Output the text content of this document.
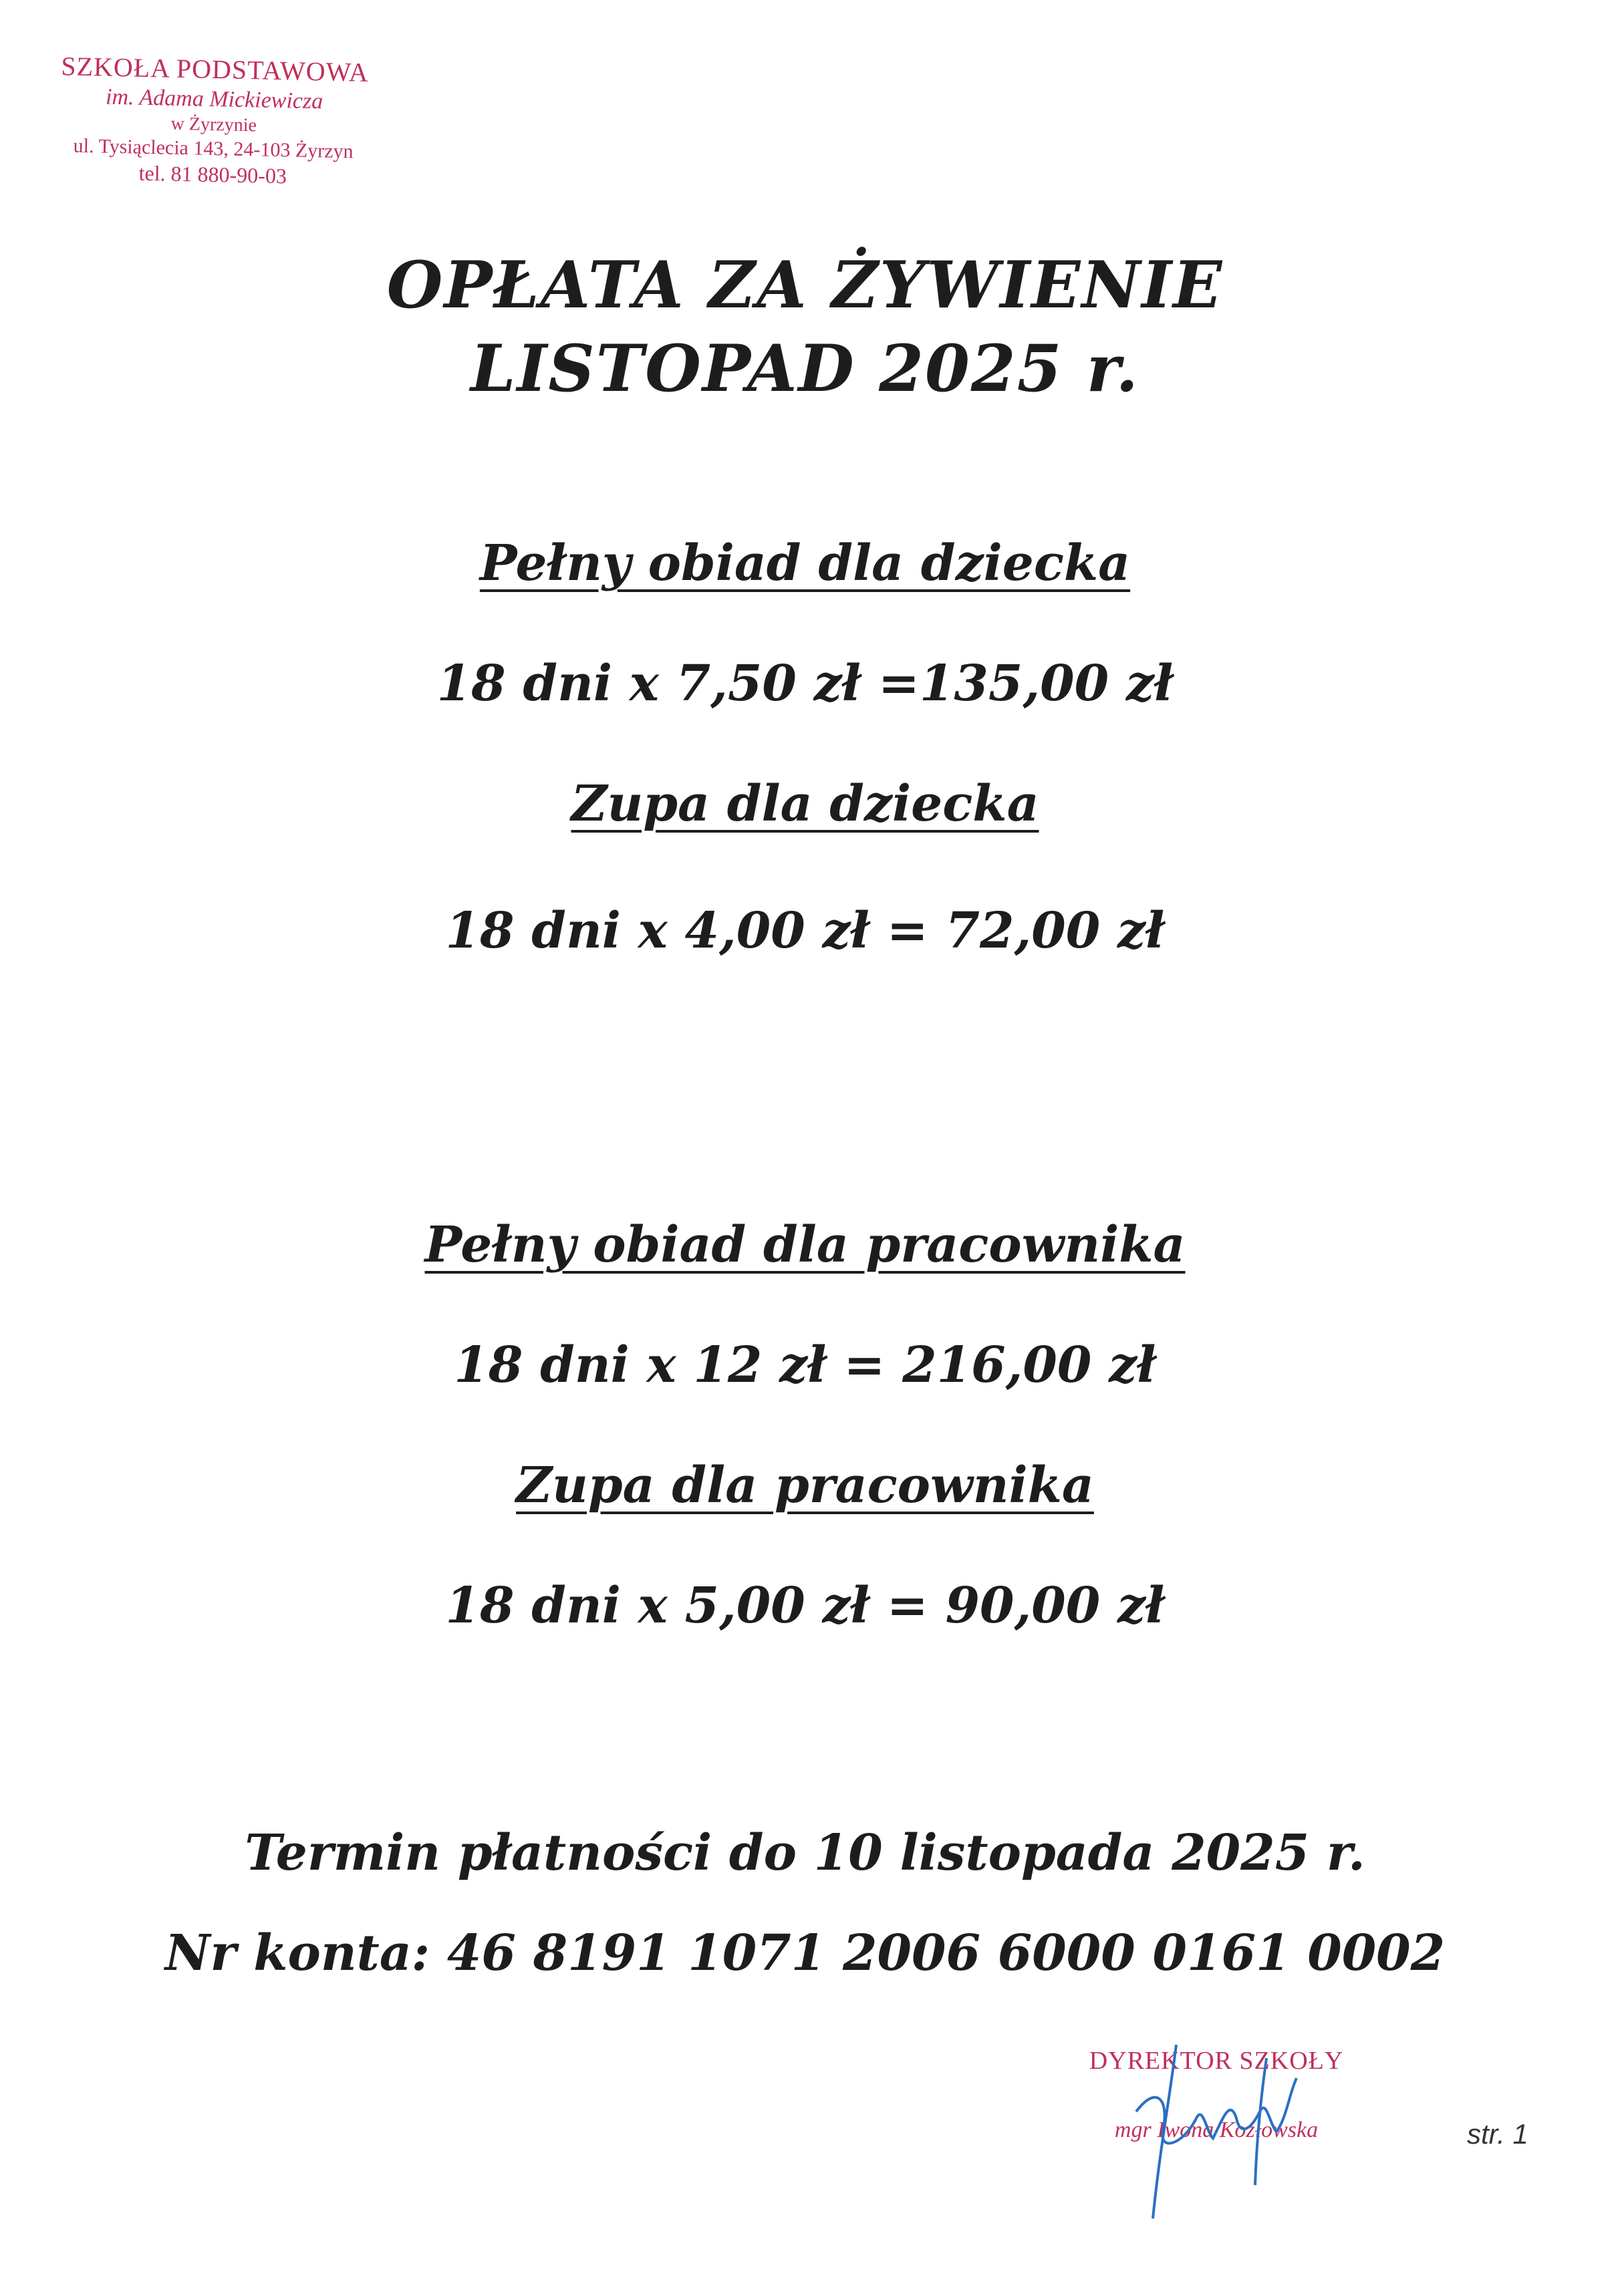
SZKOŁA PODSTAWOWA
im. Adama Mickiewicza
w Żyrzynie
ul. Tysiąclecia 143, 24-103 Żyrzyn
tel. 81 880-90-03
OPŁATA ZA ŻYWIENIE
LISTOPAD 2025 r.
Pełny obiad dla dziecka
18 dni x 7,50 zł =135,00 zł
Zupa dla dziecka
18 dni x 4,00 zł = 72,00 zł
Pełny obiad dla pracownika
18 dni x 12 zł = 216,00 zł
Zupa dla pracownika
18 dni x 5,00 zł = 90,00 zł
Termin płatności do 10 listopada 2025 r.
Nr konta: 46 8191 1071 2006 6000 0161 0002
DYREKTOR SZKOŁY
mgr Iwona Kozłowska	str. 1
